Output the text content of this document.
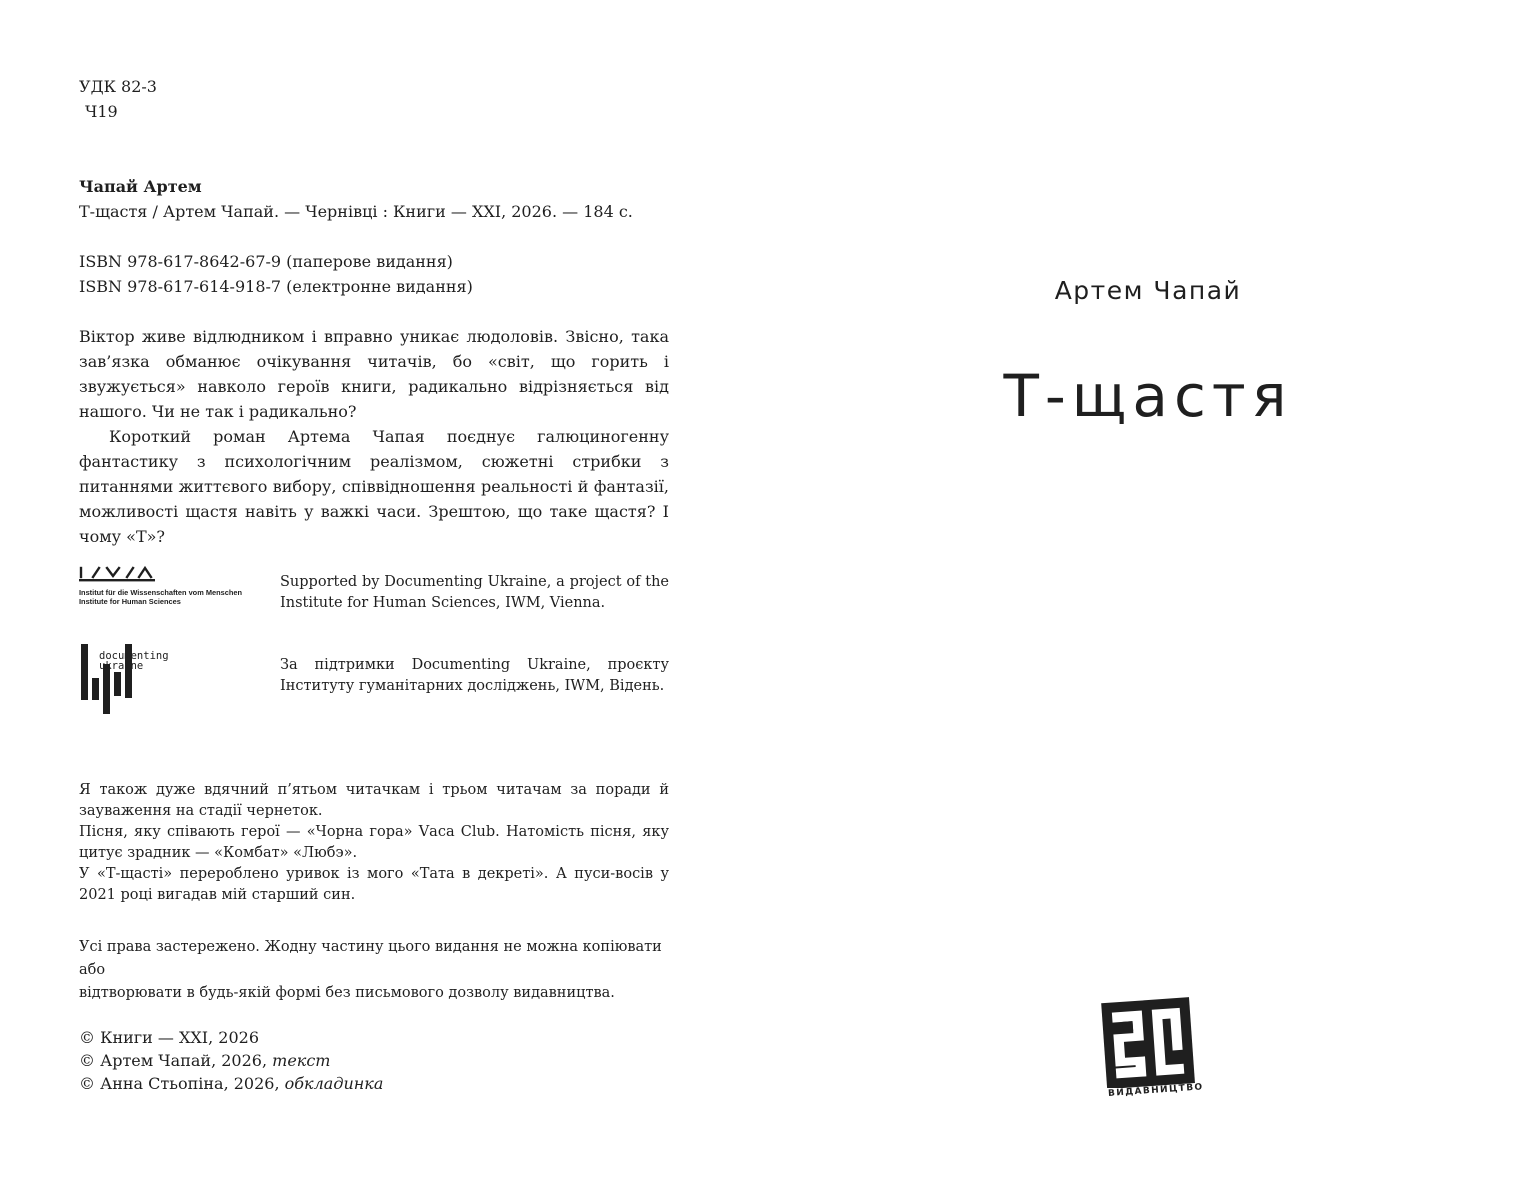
УДК 82-3
Ч19
Чапай Артем
Т-щастя / Артем Чапай. — Чернівці : Книги — XXI, 2026. — 184 с.
ISBN 978-617-8642-67-9 (паперове видання)
ISBN 978-617-614-918-7 (електронне видання)

Віктор живе відлюдником і вправно уникає людоловів. Звісно, така зав’язка обманює очікування читачів, бо «світ, що горить і звужується» навколо героїв книги, радикально відрізняється від нашого. Чи не так і радикально?

Короткий роман Артема Чапая поєднує галюциногенну фантастику з психологічним реалізмом, сюжетні стрибки з питаннями життєвого вибору, співвідношення реальності й фантазії, можливості щастя навіть у важкі часи. Зрештою, що таке щастя? І чому «Т»?

Institut für die Wissenschaften vom Menschen
Institute for Human Sciences

Supported by Documenting Ukraine, a project of the Institute for Human Sciences, IWM, Vienna.

documenting
ukraine	За підтримки Documenting Ukraine, проєкту Інституту гуманітарних досліджень, IWM, Відень.

Я також дуже вдячний п’ятьом читачкам і трьом читачам за поради й зауваження на стадії чернеток.

Пісня, яку співають герої — «Чорна гора» Vаса Club. Натомість пісня, яку цитує зрадник — «Комбат» «Любэ».

У «Т-щасті» перероблено уривок із мого «Тата в декреті». А пуси-восів у 2021 році вигадав мій старший син.

Усі права застережено. Жодну частину цього видання не можна копіювати або

відтворювати в будь-якій формі без письмового дозволу видавництва.

© Книги — XXI, 2026
© Артем Чапай, 2026, текст
© Анна Стьопіна, 2026, обкладинка
Артем Чапай
Т-щастя
ВИДАВНИЦТВО
